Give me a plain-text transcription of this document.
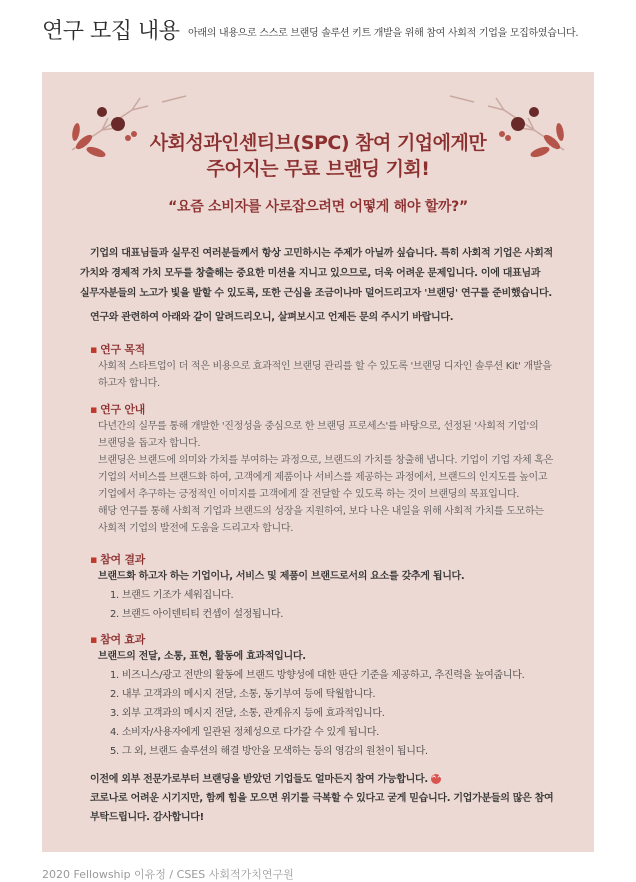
연구 모집 내용 아래의 내용으로 스스로 브랜딩 솔루션 키트 개발을 위해 참여 사회적 기업을 모집하였습니다.
사회성과인센티브(SPC) 참여 기업에게만
주어지는 무료 브랜딩 기회!
“요즘 소비자를 사로잡으려면 어떻게 해야 할까?”
기업의 대표님들과 실무진 여러분들께서 항상 고민하시는 주제가 아닐까 싶습니다. 특히 사회적 기업은 사회적
가치와 경제적 가치 모두를 창출해는 중요한 미션을 지니고 있으므로, 더욱 어려운 문제입니다. 이에 대표님과
실무자분들의 노고가 빛을 발할 수 있도록, 또한 근심을 조금이나마 덜어드리고자 '브랜딩' 연구를 준비했습니다.
연구와 관련하여 아래와 같이 알려드리오니, 살펴보시고 언제든 문의 주시기 바랍니다.
▪ 연구 목적
사회적 스타트업이 더 적은 비용으로 효과적인 브랜딩 관리를 할 수 있도록 '브랜딩 디자인 솔루션 Kit' 개발을
하고자 합니다.
▪ 연구 안내
다년간의 실무를 통해 개발한 '진정성을 중심으로 한 브랜딩 프로세스'를 바탕으로, 선정된 '사회적 기업'의
브랜딩을 돕고자 합니다.
브랜딩은 브랜드에 의미와 가치를 부여하는 과정으로, 브랜드의 가치를 창출해 냅니다. 기업이 기업 자체 혹은
기업의 서비스를 브랜드화 하여, 고객에게 제품이나 서비스를 제공하는 과정에서, 브랜드의 인지도를 높이고
기업에서 추구하는 긍정적인 이미지를 고객에게 잘 전달할 수 있도록 하는 것이 브랜딩의 목표입니다.
해당 연구를 통해 사회적 기업과 브랜드의 성장을 지원하여, 보다 나은 내일을 위해 사회적 가치를 도모하는
사회적 기업의 발전에 도움을 드리고자 합니다.
▪ 참여 결과
브랜드화 하고자 하는 기업이나, 서비스 및 제품이 브랜드로서의 요소를 갖추게 됩니다.
1. 브랜드 기조가 세워집니다.
2. 브랜드 아이덴티티 컨셉이 설정됩니다.
▪ 참여 효과
브랜드의 전달, 소통, 표현, 활동에 효과적입니다.
1. 비즈니스/광고 전반의 활동에 브랜드 방향성에 대한 판단 기준을 제공하고, 추진력을 높여줍니다.
2. 내부 고객과의 메시지 전달, 소통, 동기부여 등에 탁월합니다.
3. 외부 고객과의 메시지 전달, 소통, 관계유지 등에 효과적입니다.
4. 소비자/사용자에게 일관된 정체성으로 다가갈 수 있게 됩니다.
5. 그 외, 브랜드 솔루션의 해결 방안을 모색하는 등의 영감의 원천이 됩니다.
이전에 외부 전문가로부터 브랜딩을 받았던 기업들도 얼마든지 참여 가능합니다. ^^
코로나로 어려운 시기지만, 함께 힘을 모으면 위기를 극복할 수 있다고 굳게 믿습니다. 기업가분들의 많은 참여
부탁드립니다. 감사합니다!
2020 Fellowship 이유정 / CSES 사회적가치연구원
